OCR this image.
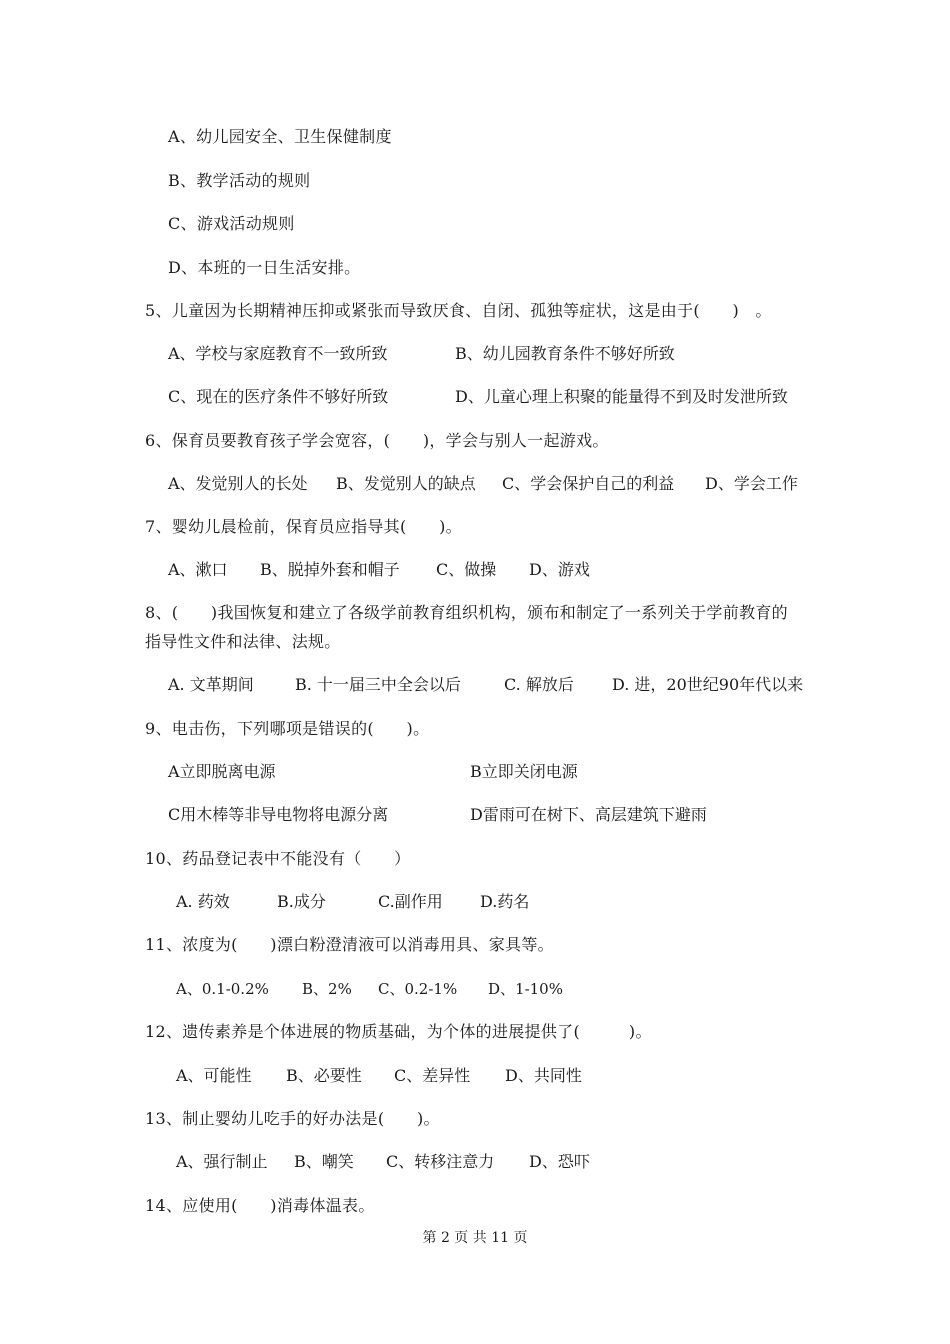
A、幼儿园安全、卫生保健制度
B、教学活动的规则
C、游戏活动规则
D、本班的一日生活安排。
5、儿童因为长期精神压抑或紧张而导致厌食、自闭、孤独等症状，这是由于(　　)　。
A、学校与家庭教育不一致所致	B、幼儿园教育条件不够好所致
C、现在的医疗条件不够好所致	D、儿童心理上积聚的能量得不到及时发泄所致
6、保育员要教育孩子学会宽容，(　　)，学会与别人一起游戏。
A、发觉别人的长处 B、发觉别人的缺点 C、学会保护自己的利益 D、学会工作
7、婴幼儿晨检前，保育员应指导其(　　)。
A、漱口 B、脱掉外套和帽子 C、做操 D、游戏
8、(　　)我国恢复和建立了各级学前教育组织机构，颁布和制定了一系列关于学前教育的
指导性文件和法律、法规。
A. 文革期间	B. 十一届三中全会以后	C. 解放后 D. 进，20世纪90年代以来
9、电击伤，下列哪项是错误的(　　)。
A立即脱离电源	B立即关闭电源
C用木棒等非导电物将电源分离	D雷雨可在树下、高层建筑下避雨
10、药品登记表中不能没有（　　）
A. 药效	B.成分	C.副作用 D.药名
11、浓度为(　　)漂白粉澄清液可以消毒用具、家具等。
A、0.1-0.2% B、2% C、0.2-1% D、1-10%
12、遗传素养是个体进展的物质基础，为个体的进展提供了(　　　)。
A、可能性 B、必要性 C、差异性 D、共同性
13、制止婴幼儿吃手的好办法是(　　)。
A、强行制止 B、嘲笑 C、转移注意力 D、恐吓
14、应使用(　　)消毒体温表。
第 2 页 共 11 页
